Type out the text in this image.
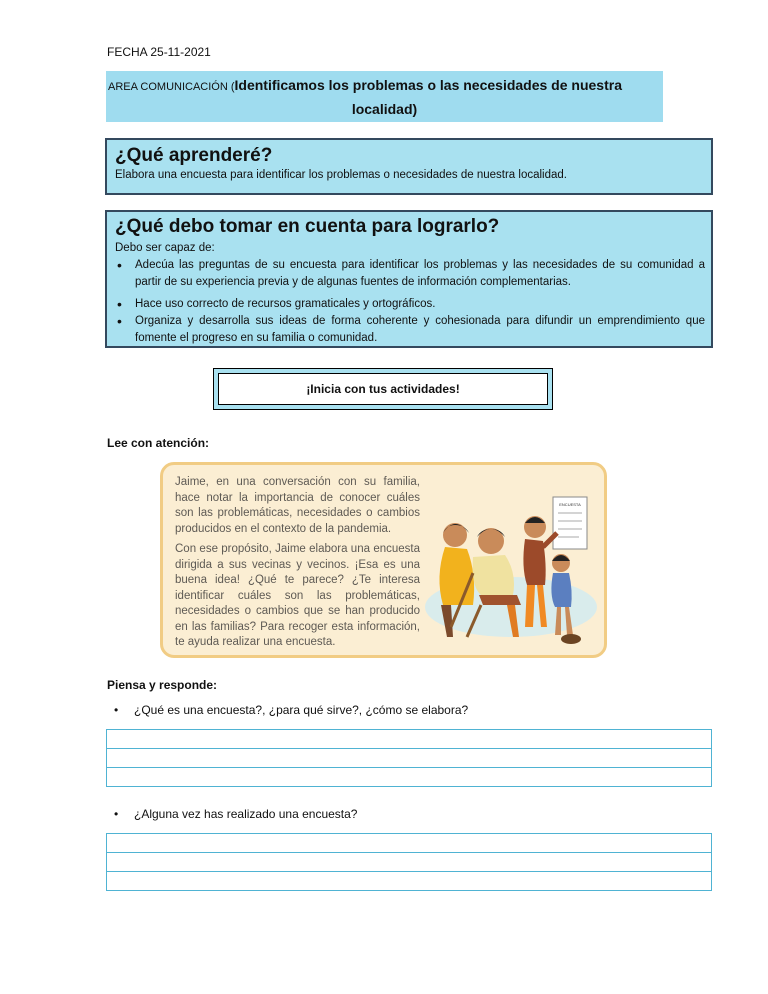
FECHA 25-11-2021
AREA COMUNICACIÓN (Identificamos los problemas o las necesidades de nuestra
localidad)
¿Qué aprenderé?
Elabora una encuesta para identificar los problemas o necesidades de nuestra localidad.
¿Qué debo tomar en cuenta para lograrlo?
Debo ser capaz de:
• Adecúa las preguntas de su encuesta para identificar los problemas y las necesidades de su comunidad a partir de su experiencia previa y de algunas fuentes de información complementarias.
• Hace uso correcto de recursos gramaticales y ortográficos.
• Organiza y desarrolla sus ideas de forma coherente y cohesionada para difundir un emprendimiento que fomente el progreso en su familia o comunidad.
¡Inicia con tus actividades!
Lee con atención:

Jaime, en una conversación con su familia, hace notar la importancia de conocer cuáles son las problemáticas, necesidades o cambios producidos en el contexto de la pandemia.

Con ese propósito, Jaime elabora una encuesta dirigida a sus vecinas y vecinos. ¡Esa es una buena idea! ¿Qué te parece? ¿Te interesa identificar cuáles son las problemáticas, necesidades o cambios que se han producido en las familias? Para recoger esta información, te ayuda realizar una encuesta.

ENCUESTA
Piensa y responde:
• ¿Qué es una encuesta?, ¿para qué sirve?, ¿cómo se elabora?
• ¿Alguna vez has realizado una encuesta?
